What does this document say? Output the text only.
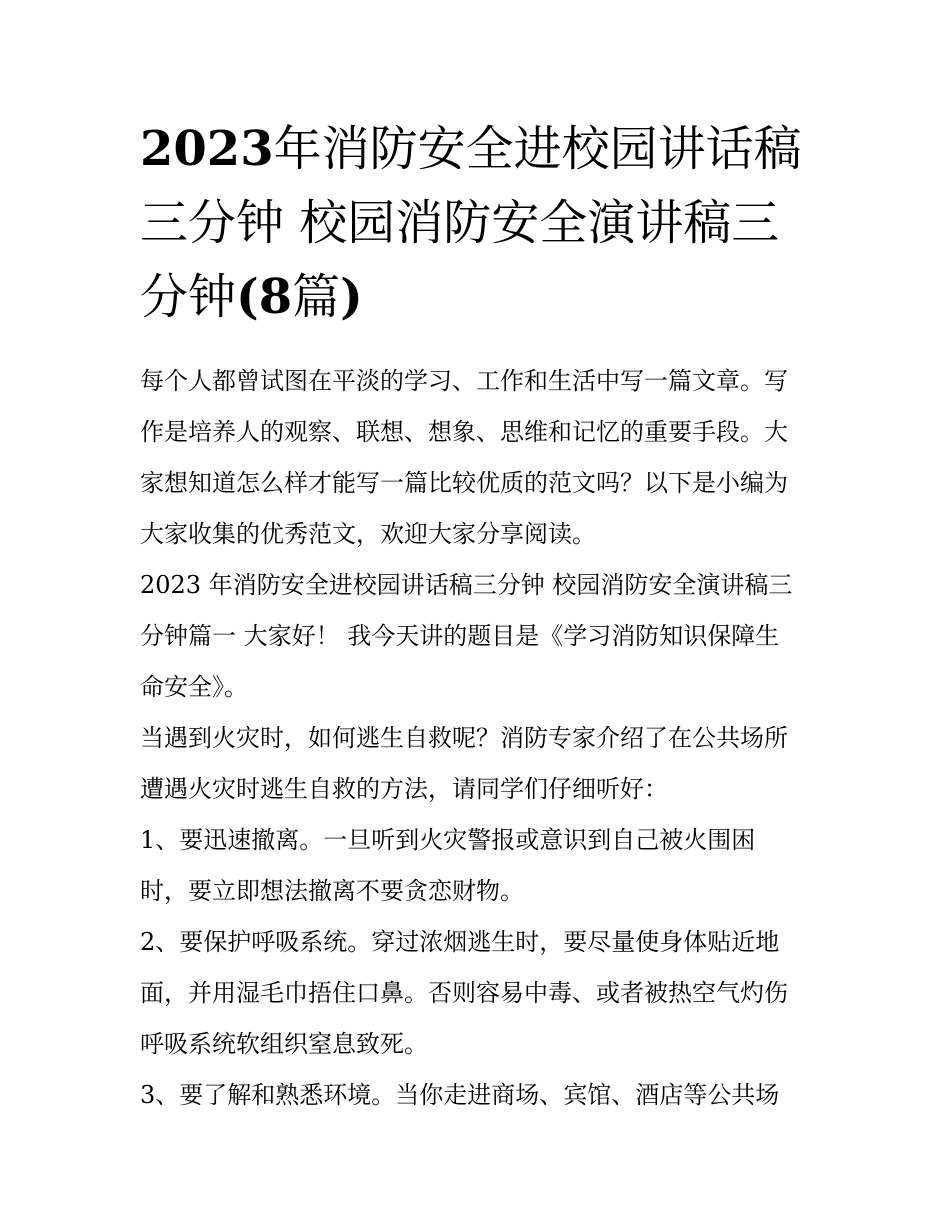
2023年消防安全进校园讲话稿
三分钟 校园消防安全演讲稿三
分钟(8篇)
每个人都曾试图在平淡的学习、工作和生活中写一篇文章。写
作是培养人的观察、联想、想象、思维和记忆的重要手段。大
家想知道怎么样才能写一篇比较优质的范文吗？以下是小编为
大家收集的优秀范文，欢迎大家分享阅读。
2023 年消防安全进校园讲话稿三分钟 校园消防安全演讲稿三
分钟篇一 大家好！ 我今天讲的题目是《学习消防知识保障生
命安全》。
当遇到火灾时，如何逃生自救呢？消防专家介绍了在公共场所
遭遇火灾时逃生自救的方法，请同学们仔细听好：
1、要迅速撤离。一旦听到火灾警报或意识到自己被火围困
时，要立即想法撤离不要贪恋财物。
2、要保护呼吸系统。穿过浓烟逃生时，要尽量使身体贴近地
面，并用湿毛巾捂住口鼻。否则容易中毒、或者被热空气灼伤
呼吸系统软组织窒息致死。
3、要了解和熟悉环境。当你走进商场、宾馆、酒店等公共场
